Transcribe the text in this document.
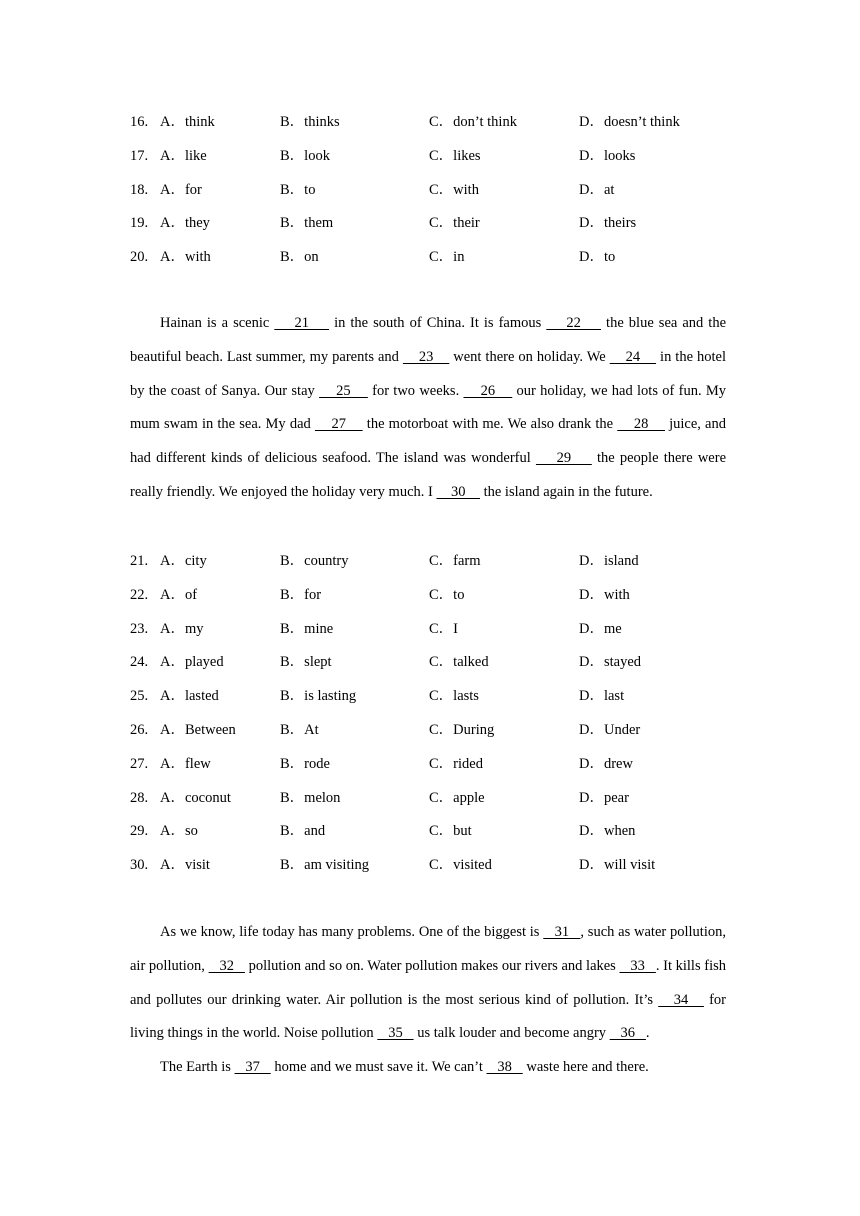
16. A．think	B．thinks	C．don’t think	D．doesn’t think
17. A．like	B．look	C．likes	D．looks
18. A．for	B．to	C．with	D．at
19. A．they	B．them	C．their	D．theirs
20. A．with	B．on	C．in	D．to

Hainan is a scenic     21     in the south of China. It is famous     22     the blue sea and the beautiful beach. Last summer, my parents and     23     went there on holiday. We     24     in the hotel by the coast of Sanya. Our stay     25     for two weeks.     26     our holiday, we had lots of fun. My mum swam in the sea. My dad     27     the motorboat with me. We also drank the     28     juice, and had different kinds of delicious seafood. The island was wonderful     29     the people there were really friendly. We enjoyed the holiday very much. I     30     the island again in the future.

21. A．city	B．country	C．farm	D．island
22. A．of	B．for	C．to	D．with
23. A．my	B．mine	C．I	D．me
24. A．played	B．slept	C．talked	D．stayed
25. A．lasted	B．is lasting	C．lasts	D．last
26. A．Between	B．At	C．During	D．Under
27. A．flew	B．rode	C．rided	D．drew
28. A．coconut	B．melon	C．apple	D．pear
29. A．so	B．and	C．but	D．when
30. A．visit	B．am visiting	C．visited	D．will visit

As we know, life today has many problems. One of the biggest is    31   , such as water pollution, air pollution,    32    pollution and so on. Water pollution makes our rivers and lakes    33   . It kills fish and pollutes our drinking water. Air pollution is the most serious kind of pollution. It’s    34    for living things in the world. Noise pollution    35    us talk louder and become angry    36   .

The Earth is    37    home and we must save it. We can’t    38    waste here and there.
